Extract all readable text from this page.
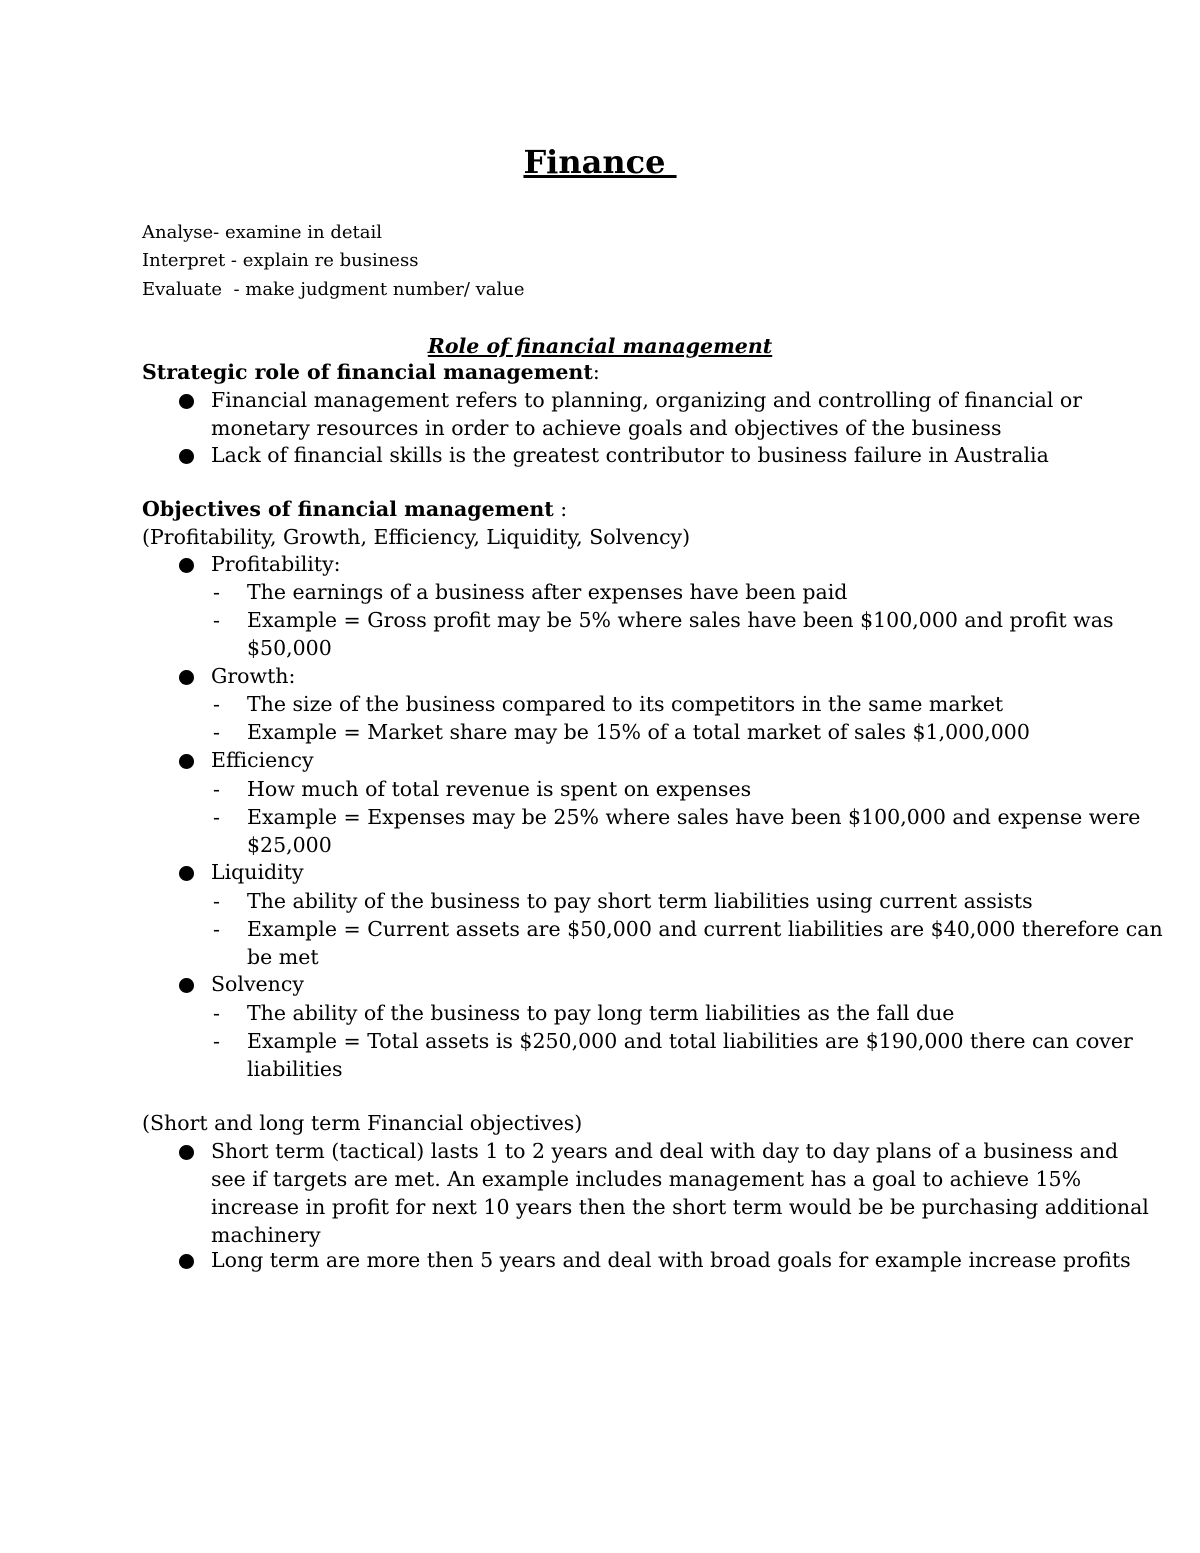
Finance
Analyse- examine in detail
Interpret - explain re business
Evaluate  - make judgment number/ value
Role of financial management
Strategic role of financial management:
Financial management refers to planning, organizing and controlling of financial or
monetary resources in order to achieve goals and objectives of the business
Lack of financial skills is the greatest contributor to business failure in Australia
Objectives of financial management :
(Profitability, Growth, Efficiency, Liquidity, Solvency)
Profitability:
- The earnings of a business after expenses have been paid
- Example = Gross profit may be 5% where sales have been $100,000 and profit was
$50,000
Growth:
- The size of the business compared to its competitors in the same market
- Example = Market share may be 15% of a total market of sales $1,000,000
Efficiency
- How much of total revenue is spent on expenses
- Example = Expenses may be 25% where sales have been $100,000 and expense were
$25,000
Liquidity
- The ability of the business to pay short term liabilities using current assists
- Example = Current assets are $50,000 and current liabilities are $40,000 therefore can
be met
Solvency
- The ability of the business to pay long term liabilities as the fall due
- Example = Total assets is $250,000 and total liabilities are $190,000 there can cover
liabilities
(Short and long term Financial objectives)
Short term (tactical) lasts 1 to 2 years and deal with day to day plans of a business and
see if targets are met. An example includes management has a goal to achieve 15%
increase in profit for next 10 years then the short term would be be purchasing additional
machinery
Long term are more then 5 years and deal with broad goals for example increase profits
